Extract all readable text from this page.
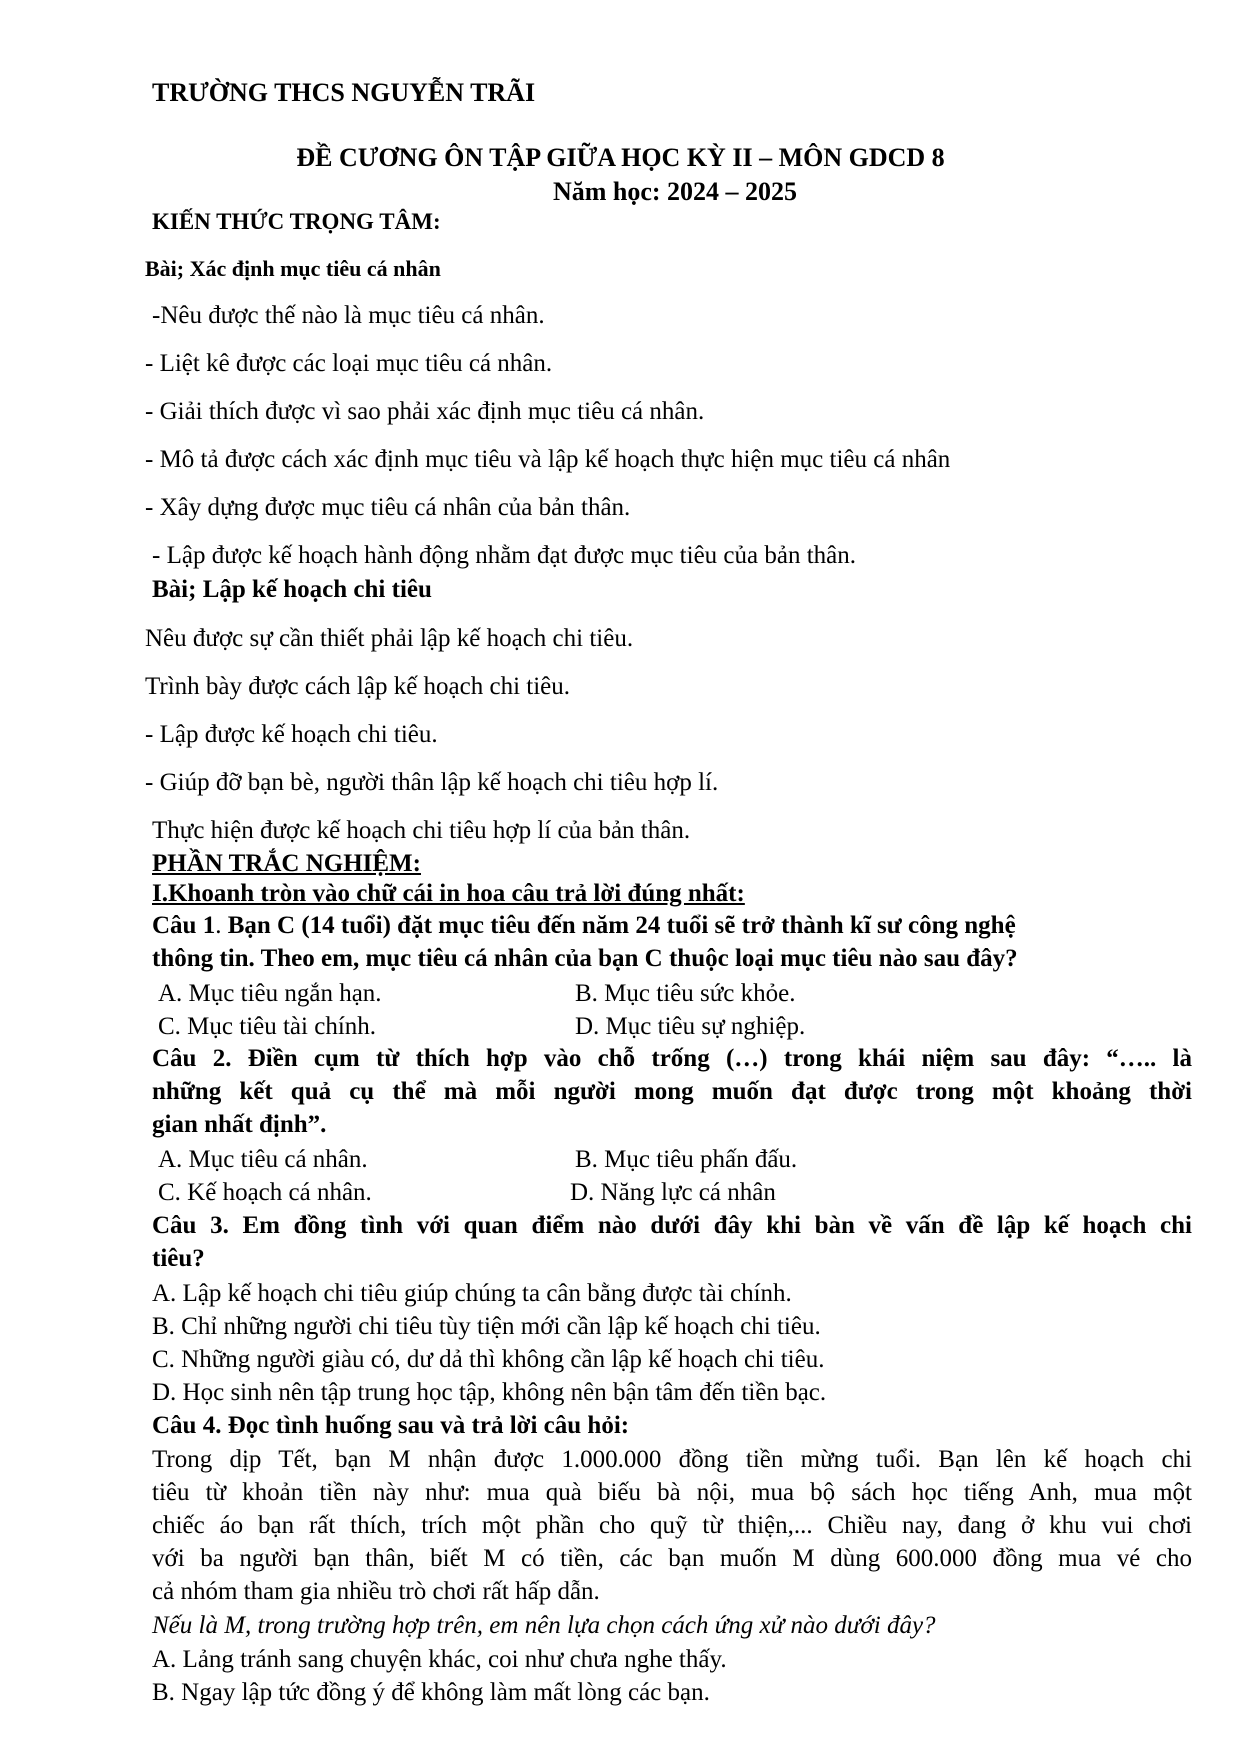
TRƯỜNG THCS NGUYỄN TRÃI
ĐỀ CƯƠNG ÔN TẬP GIỮA HỌC KỲ II – MÔN GDCD 8
Năm học: 2024 – 2025
KIẾN THỨC TRỌNG TÂM:
Bài; Xác định mục tiêu cá nhân
-Nêu được thế nào là mục tiêu cá nhân.
- Liệt kê được các loại mục tiêu cá nhân.
- Giải thích được vì sao phải xác định mục tiêu cá nhân.
- Mô tả được cách xác định mục tiêu và lập kế hoạch thực hiện mục tiêu cá nhân
- Xây dựng được mục tiêu cá nhân của bản thân.
- Lập được kế hoạch hành động nhằm đạt được mục tiêu của bản thân.
Bài; Lập kế hoạch chi tiêu
Nêu được sự cần thiết phải lập kế hoạch chi tiêu.
Trình bày được cách lập kế hoạch chi tiêu.
- Lập được kế hoạch chi tiêu.
- Giúp đỡ bạn bè, người thân lập kế hoạch chi tiêu hợp lí.
Thực hiện được kế hoạch chi tiêu hợp lí của bản thân.
PHẦN TRẮC NGHIỆM:
I.Khoanh tròn vào chữ cái in hoa câu trả lời đúng nhất:
Câu 1. Bạn C (14 tuổi) đặt mục tiêu đến năm 24 tuổi sẽ trở thành kĩ sư công nghệ
thông tin. Theo em, mục tiêu cá nhân của bạn C thuộc loại mục tiêu nào sau đây?
A. Mục tiêu ngắn hạn.	B. Mục tiêu sức khỏe.
C. Mục tiêu tài chính.	D. Mục tiêu sự nghiệp.
Câu 2. Điền cụm từ thích hợp vào chỗ trống (…) trong khái niệm sau đây: “….. là
những kết quả cụ thể mà mỗi người mong muốn đạt được trong một khoảng thời
gian nhất định”.
A. Mục tiêu cá nhân.	B. Mục tiêu phấn đấu.
C. Kế hoạch cá nhân.	D. Năng lực cá nhân
Câu 3. Em đồng tình với quan điểm nào dưới đây khi bàn về vấn đề lập kế hoạch chi
tiêu?
A. Lập kế hoạch chi tiêu giúp chúng ta cân bằng được tài chính.
B. Chỉ những người chi tiêu tùy tiện mới cần lập kế hoạch chi tiêu.
C. Những người giàu có, dư dả thì không cần lập kế hoạch chi tiêu.
D. Học sinh nên tập trung học tập, không nên bận tâm đến tiền bạc.
Câu 4. Đọc tình huống sau và trả lời câu hỏi:
Trong dịp Tết, bạn M nhận được 1.000.000 đồng tiền mừng tuổi. Bạn lên kế hoạch chi
tiêu từ khoản tiền này như: mua quà biếu bà nội, mua bộ sách học tiếng Anh, mua một
chiếc áo bạn rất thích, trích một phần cho quỹ từ thiện,... Chiều nay, đang ở khu vui chơi
với ba người bạn thân, biết M có tiền, các bạn muốn M dùng 600.000 đồng mua vé cho
cả nhóm tham gia nhiều trò chơi rất hấp dẫn.
Nếu là M, trong trường hợp trên, em nên lựa chọn cách ứng xử nào dưới đây?
A. Lảng tránh sang chuyện khác, coi như chưa nghe thấy.
B. Ngay lập tức đồng ý để không làm mất lòng các bạn.
